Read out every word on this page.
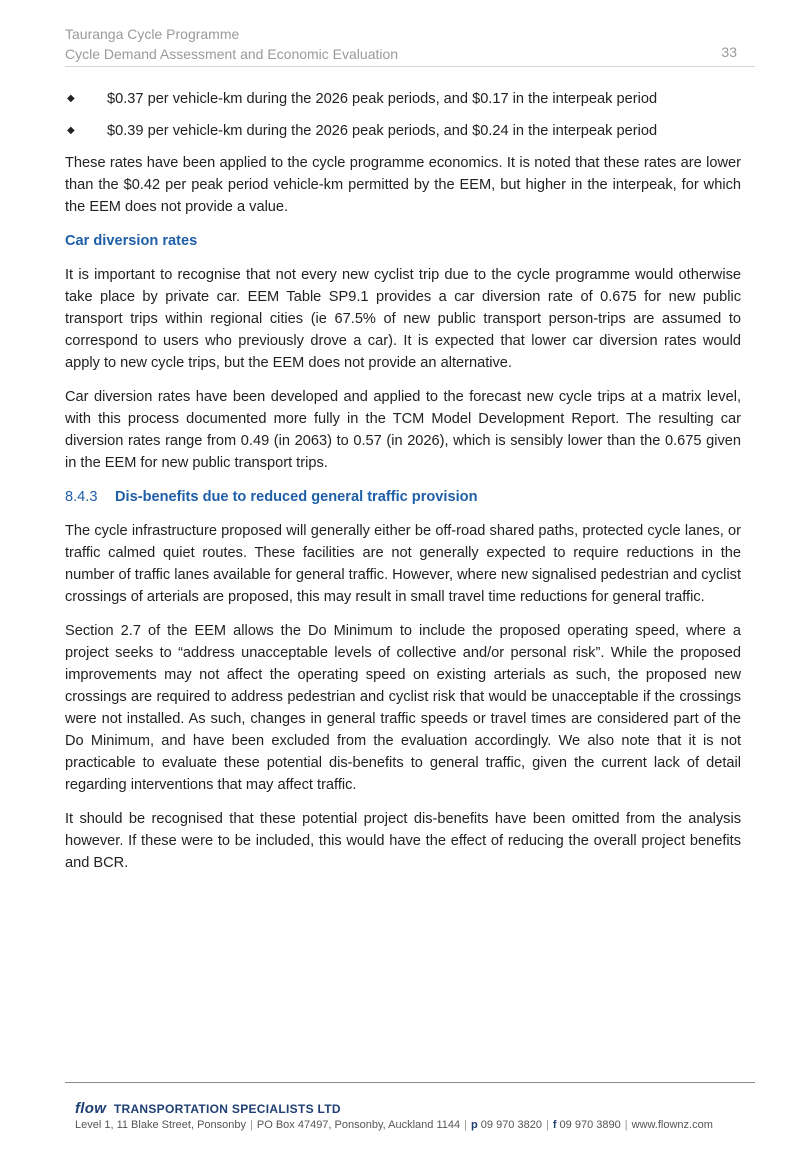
Tauranga Cycle Programme
Cycle Demand Assessment and Economic Evaluation	33
◆	$0.37 per vehicle-km during the 2026 peak periods, and $0.17 in the interpeak period
◆	$0.39 per vehicle-km during the 2026 peak periods, and $0.24 in the interpeak period

These rates have been applied to the cycle programme economics. It is noted that these rates are lower than the $0.42 per peak period vehicle-km permitted by the EEM, but higher in the interpeak, for which the EEM does not provide a value.

Car diversion rates

It is important to recognise that not every new cyclist trip due to the cycle programme would otherwise take place by private car. EEM Table SP9.1 provides a car diversion rate of 0.675 for new public transport trips within regional cities (ie 67.5% of new public transport person-trips are assumed to correspond to users who previously drove a car). It is expected that lower car diversion rates would apply to new cycle trips, but the EEM does not provide an alternative.

Car diversion rates have been developed and applied to the forecast new cycle trips at a matrix level, with this process documented more fully in the TCM Model Development Report. The resulting car diversion rates range from 0.49 (in 2063) to 0.57 (in 2026), which is sensibly lower than the 0.675 given in the EEM for new public transport trips.

8.4.3	Dis-benefits due to reduced general traffic provision

The cycle infrastructure proposed will generally either be off-road shared paths, protected cycle lanes, or traffic calmed quiet routes. These facilities are not generally expected to require reductions in the number of traffic lanes available for general traffic. However, where new signalised pedestrian and cyclist crossings of arterials are proposed, this may result in small travel time reductions for general traffic.

Section 2.7 of the EEM allows the Do Minimum to include the proposed operating speed, where a project seeks to “address unacceptable levels of collective and/or personal risk”. While the proposed improvements may not affect the operating speed on existing arterials as such, the proposed new crossings are required to address pedestrian and cyclist risk that would be unacceptable if the crossings were not installed. As such, changes in general traffic speeds or travel times are considered part of the Do Minimum, and have been excluded from the evaluation accordingly. We also note that it is not practicable to evaluate these potential dis-benefits to general traffic, given the current lack of detail regarding interventions that may affect traffic.

It should be recognised that these potential project dis-benefits have been omitted from the analysis however. If these were to be included, this would have the effect of reducing the overall project benefits and BCR.

flow TRANSPORTATION SPECIALISTS LTD
Level 1, 11 Blake Street, Ponsonby | PO Box 47497, Ponsonby, Auckland 1144 | p 09 970 3820 | f 09 970 3890 | www.flownz.com
